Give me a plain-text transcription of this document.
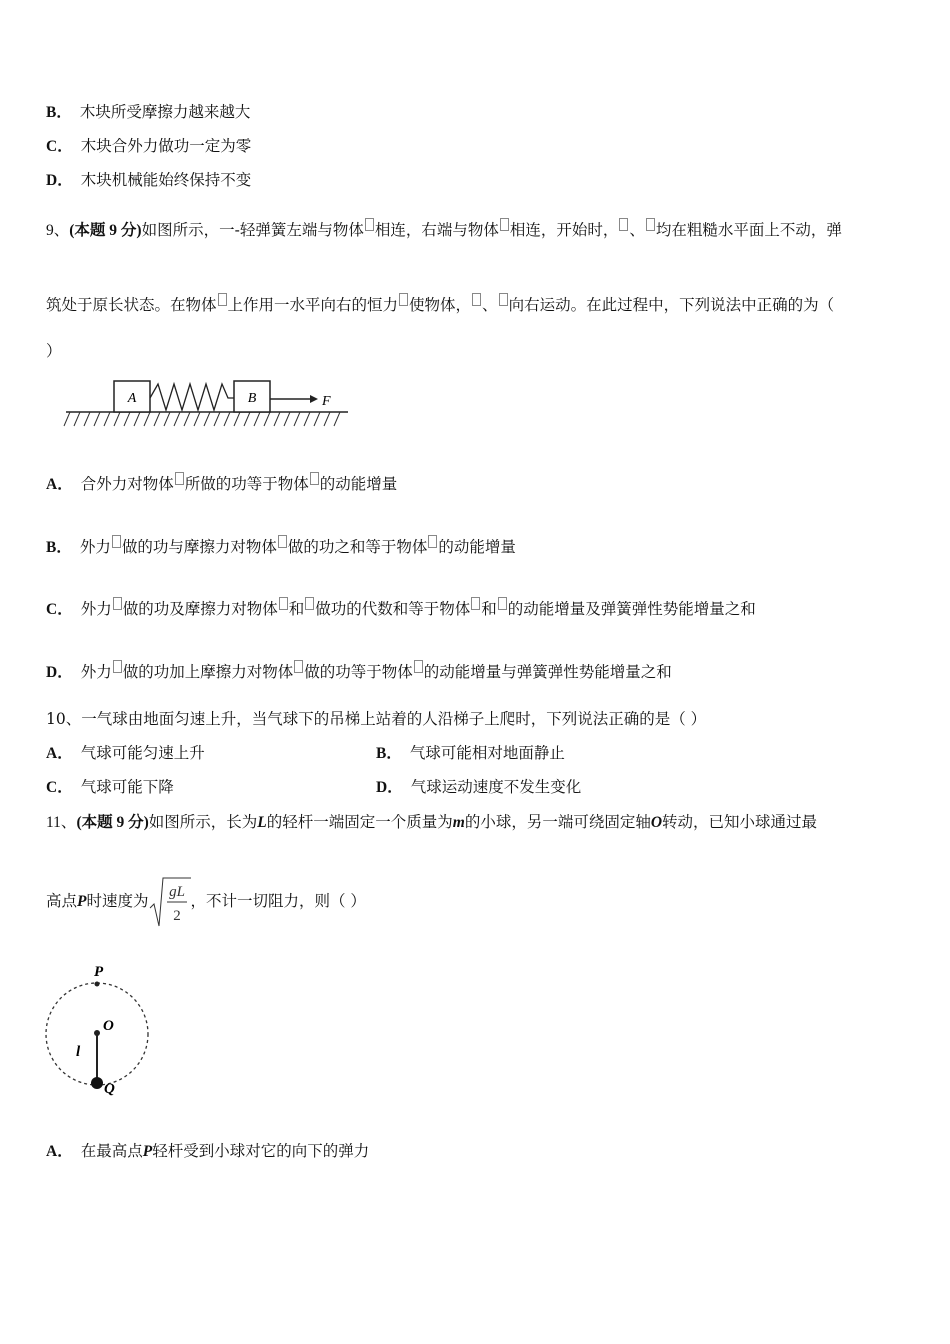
B． 木块所受摩擦力越来越大
C． 木块合外力做功一定为零
D． 木块机械能始终保持不变
9、(本题 9 分)如图所示，一-轻弹簧左端与物体 相连，右端与物体 相连，开始时， 、 均在粗糙水平面上不动，弹
筑处于原长状态。在物体 上作用一水平向右的恒力 使物体， 、 向右运动。在此过程中，下列说法中正确的为（
）
A	B	F
A． 合外力对物体 所做的功等于物体 的动能增量
B． 外力 做的功与摩擦力对物体 做的功之和等于物体 的动能增量
C． 外力 做的功及摩擦力对物体 和 做功的代数和等于物体 和 的动能增量及弹簧弹性势能增量之和
D． 外力 做的功加上摩擦力对物体 做的功等于物体 的动能增量与弹簧弹性势能增量之和
10、一气球由地面匀速上升，当气球下的吊梯上站着的人沿梯子上爬时，下列说法正确的是（ ）
A． 气球可能匀速上升	B． 气球可能相对地面静止
C． 气球可能下降	D． 气球运动速度不发生变化
11、(本题 9 分)如图所示，长为L的轻杆一端固定一个质量为m的小球，另一端可绕固定轴O转动，已知小球通过最
高点P时速度为 gL
2
，不计一切阻力，则（ ）
P
O
l
Q
A． 在最高点P轻杆受到小球对它的向下的弹力
